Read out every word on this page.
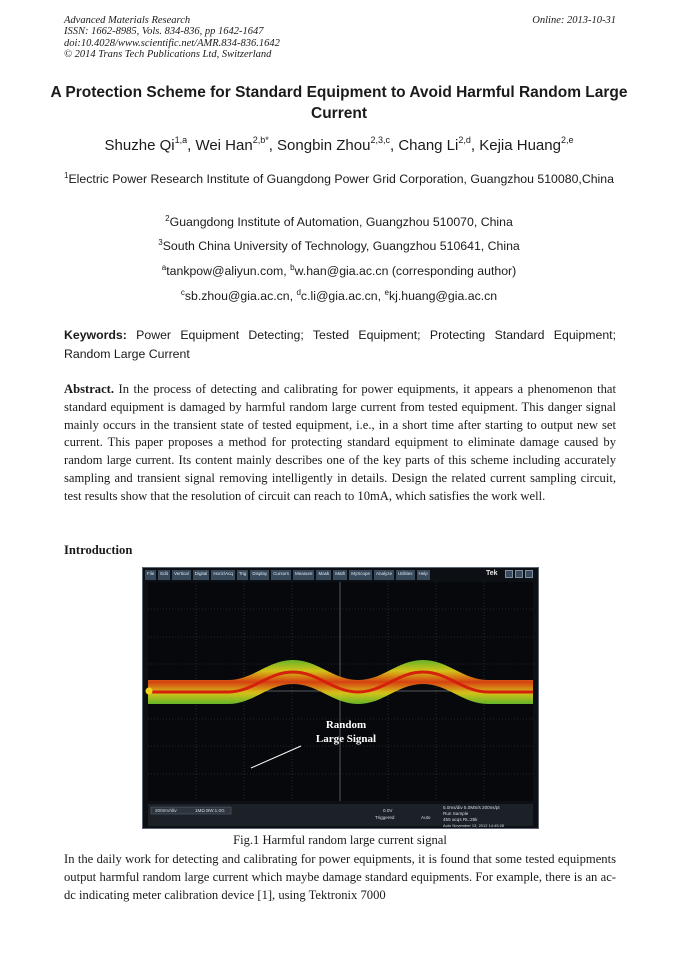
Advanced Materials Research
ISSN: 1662-8985, Vols. 834-836, pp 1642-1647
doi:10.4028/www.scientific.net/AMR.834-836.1642
© 2014 Trans Tech Publications Ltd, Switzerland
Online: 2013-10-31
A Protection Scheme for Standard Equipment to Avoid Harmful Random Large Current
Shuzhe Qi$^{1,a}$, Wei Han$^{2,b*}$, Songbin Zhou$^{2,3,c}$, Chang Li$^{2,d}$, Kejia Huang$^{2,e}$
$^1$Electric Power Research Institute of Guangdong Power Grid Corporation, Guangzhou 510080,China
$^2$Guangdong Institute of Automation, Guangzhou 510070, China
$^3$South China University of Technology, Guangzhou 510641, China
$^a$tankpow@aliyun.com, $^b$w.han@gia.ac.cn (corresponding author)
$^c$sb.zhou@gia.ac.cn, $^d$c.li@gia.ac.cn, $^e$kj.huang@gia.ac.cn
Keywords: Power Equipment Detecting; Tested Equipment; Protecting Standard Equipment; Random Large Current
Abstract. In the process of detecting and calibrating for power equipments, it appears a phenomenon that standard equipment is damaged by harmful random large current from tested equipment. This danger signal mainly occurs in the transient state of tested equipment, i.e., in a short time after starting to output new set current. This paper proposes a method for protecting standard equipment to eliminate damage caused by random large current. Its content mainly describes one of the key parts of this scheme including accurately sampling and transient signal removing intelligently in details. Design the related current sampling circuit, test results show that the resolution of circuit can reach to 10mA, which satisfies the work well.
Introduction
File	Edit	Vertical	Digital	Horiz/Acq	Trig	Display	Cursors	Measure	Mask	Math	MyScope	Analyze	Utilities	Help	Tek
Random
Large Signal
200mV/div	1MΩ BW:1.0G	0.0V
Triggered	Auto
5.0ms/div 5.0MS/s 200ns/pt
Run Sample
455 acqs RL:25k
Auto November 13, 2012 14:45:28
Fig.1 Harmful random large current signal
In the daily work for detecting and calibrating for power equipments, it is found that some tested equipments output harmful random large current which maybe damage standard equipments. For example, there is an ac-dc indicating meter calibration device [1], using Tektronix 7000
